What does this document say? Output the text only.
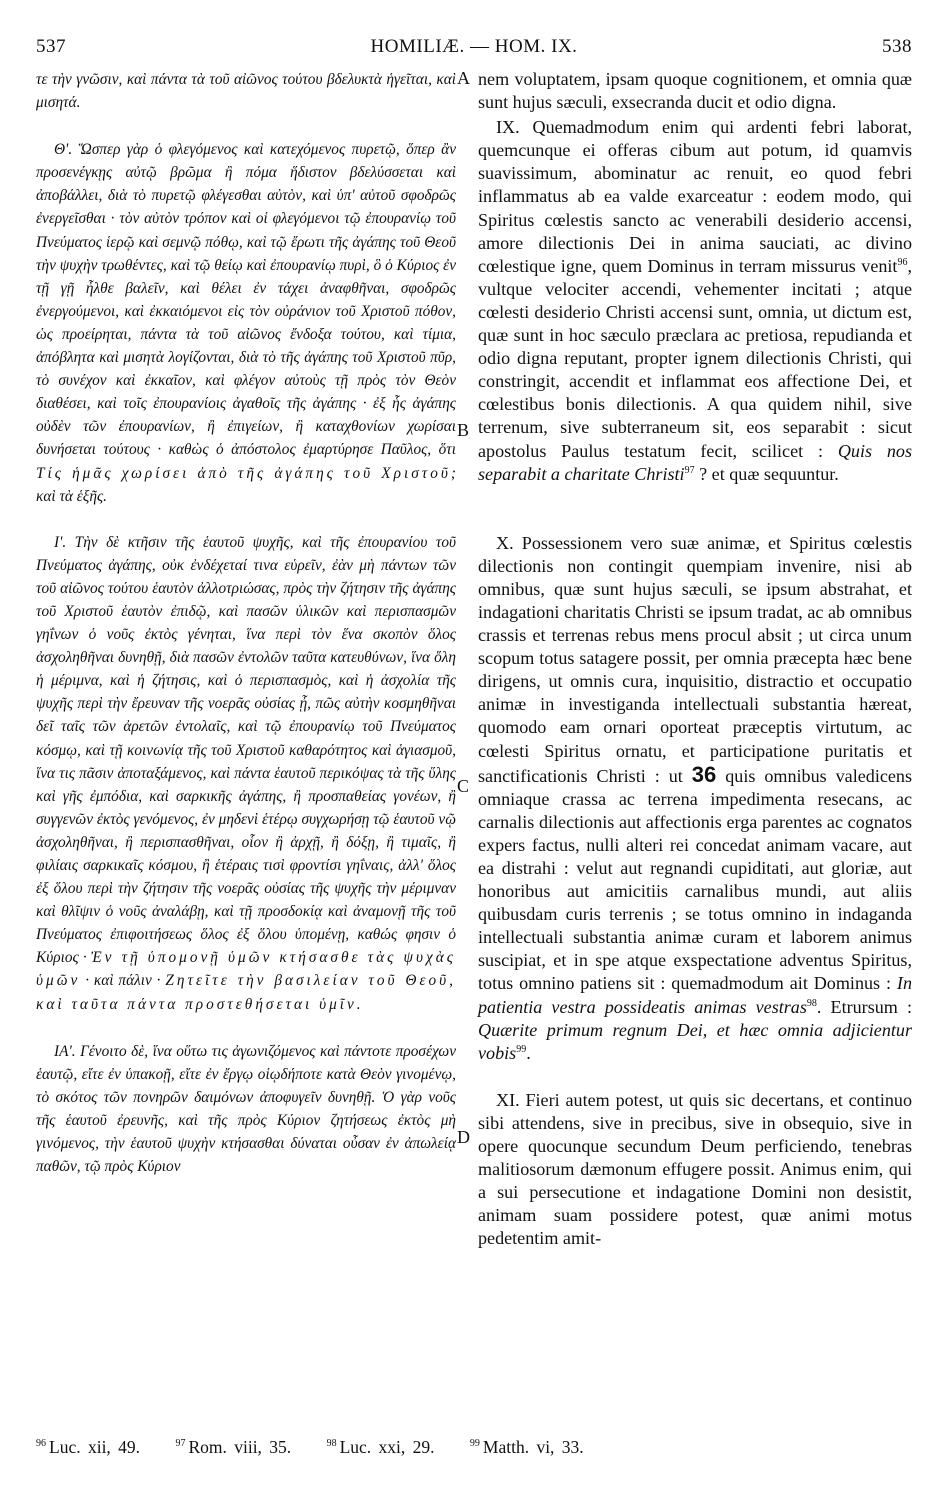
537	HOMILIÆ. — HOM. IX.	538

τε τὴν γνῶσιν, καὶ πάντα τὰ τοῦ αἰῶνος τούτου βδελυκτὰ ἡγεῖται, καὶ μισητά.

Θ'. Ὥσπερ γὰρ ὁ φλεγόμενος καὶ κατεχόμενος πυρετῷ, ὅπερ ἂν προσενέγκῃς αὐτῷ βρῶμα ἢ πόμα ἥδιστον βδελύσσεται καὶ ἀποβάλλει, διὰ τὸ πυρετῷ φλέγεσθαι αὐτὸν, καὶ ὑπ' αὐτοῦ σφοδρῶς ἐνεργεῖσθαι · τὸν αὐτὸν τρόπον καὶ οἱ φλεγόμενοι τῷ ἐπουρανίῳ τοῦ Πνεύματος ἱερῷ καὶ σεμνῷ πόθῳ, καὶ τῷ ἔρωτι τῆς ἀγάπης τοῦ Θεοῦ τὴν ψυχὴν τρωθέντες, καὶ τῷ θείῳ καὶ ἐπουρανίῳ πυρὶ, ὃ ὁ Κύριος ἐν τῇ γῇ ἦλθε βαλεῖν, καὶ θέλει ἐν τάχει ἀναφθῆναι, σφοδρῶς ἐνεργούμενοι, καὶ ἐκκαιόμενοι εἰς τὸν οὐράνιον τοῦ Χριστοῦ πόθον, ὡς προείρηται, πάντα τὰ τοῦ αἰῶνος ἔνδοξα τούτου, καὶ τίμια, ἀπόβλητα καὶ μισητὰ λογίζονται, διὰ τὸ τῆς ἀγάπης τοῦ Χριστοῦ πῦρ, τὸ συνέχον καὶ ἐκκαῖον, καὶ φλέγον αὐτοὺς τῇ πρὸς τὸν Θεὸν διαθέσει, καὶ τοῖς ἐπουρανίοις ἀγαθοῖς τῆς ἀγάπης · ἐξ ἧς ἀγάπης οὐδὲν τῶν ἐπουρανίων, ἢ ἐπιγείων, ἢ καταχθονίων χωρίσαι δυνήσεται τούτους · καθὼς ὁ ἀπόστολος ἐμαρτύρησε Παῦλος, ὅτι Τίς ἡμᾶς χωρίσει ἀπὸ τῆς ἀγάπης τοῦ Χριστοῦ; καὶ τὰ ἑξῆς.

Ι'. Τὴν δὲ κτῆσιν τῆς ἑαυτοῦ ψυχῆς, καὶ τῆς ἐπουρανίου τοῦ Πνεύματος ἀγάπης, οὐκ ἐνδέχεταί τινα εὑρεῖν, ἐὰν μὴ πάντων τῶν τοῦ αἰῶνος τούτου ἑαυτὸν ἀλλοτριώσας, πρὸς τὴν ζήτησιν τῆς ἀγάπης τοῦ Χριστοῦ ἑαυτὸν ἐπιδῷ, καὶ πασῶν ὑλικῶν καὶ περισπασμῶν γηΐνων ὁ νοῦς ἐκτὸς γένηται, ἵνα περὶ τὸν ἕνα σκοπὸν ὅλος ἀσχοληθῆναι δυνηθῇ, διὰ πασῶν ἐντολῶν ταῦτα κατευθύνων, ἵνα ὅλη ἡ μέριμνα, καὶ ἡ ζήτησις, καὶ ὁ περισπασμὸς, καὶ ἡ ἀσχολία τῆς ψυχῆς περὶ τὴν ἔρευναν τῆς νοερᾶς οὐσίας ᾖ, πῶς αὐτὴν κοσμηθῆναι δεῖ ταῖς τῶν ἀρετῶν ἐντολαῖς, καὶ τῷ ἐπουρανίῳ τοῦ Πνεύματος κόσμῳ, καὶ τῇ κοινωνίᾳ τῆς τοῦ Χριστοῦ καθαρότητος καὶ ἁγιασμοῦ, ἵνα τις πᾶσιν ἀποταξάμενος, καὶ πάντα ἑαυτοῦ περικόψας τὰ τῆς ὕλης καὶ γῆς ἐμπόδια, καὶ σαρκικῆς ἀγάπης, ἢ προσπαθείας γονέων, ἢ συγγενῶν ἐκτὸς γενόμενος, ἐν μηδενὶ ἑτέρῳ συγχωρήσῃ τῷ ἑαυτοῦ νῷ ἀσχοληθῆναι, ἢ περισπασθῆναι, οἷον ἢ ἀρχῇ, ἢ δόξῃ, ἢ τιμαῖς, ἢ φιλίαις σαρκικαῖς κόσμου, ἢ ἑτέραις τισὶ φροντίσι γηΐναις, ἀλλ' ὅλος ἐξ ὅλου περὶ τὴν ζήτησιν τῆς νοερᾶς οὐσίας τῆς ψυχῆς τὴν μέριμναν καὶ θλῖψιν ὁ νοῦς ἀναλάβῃ, καὶ τῇ προσδοκίᾳ καὶ ἀναμονῇ τῆς τοῦ Πνεύματος ἐπιφοιτήσεως ὅλος ἐξ ὅλου ὑπομένῃ, καθώς φησιν ὁ Κύριος · Ἐν τῇ ὑπομονῇ ὑμῶν κτήσασθε τὰς ψυχὰς ὑμῶν · καὶ πάλιν · Ζητεῖτε τὴν βασιλείαν τοῦ Θεοῦ, καὶ ταῦτα πάντα προστεθήσεται ὑμῖν.

ΙΑ'. Γένοιτο δὲ, ἵνα οὕτω τις ἀγωνιζόμενος καὶ πάντοτε προσέχων ἑαυτῷ, εἴτε ἐν ὑπακοῇ, εἴτε ἐν ἔργῳ οἱῳδήποτε κατὰ Θεὸν γινομένῳ, τὸ σκότος τῶν πονηρῶν δαιμόνων ἀποφυγεῖν δυνηθῇ. Ὁ γὰρ νοῦς τῆς ἑαυτοῦ ἐρευνῆς, καὶ τῆς πρὸς Κύριον ζητήσεως ἐκτὸς μὴ γινόμενος, τὴν ἑαυτοῦ ψυχὴν κτήσασθαι δύναται οὖσαν ἐν ἀπωλείᾳ παθῶν, τῷ πρὸς Κύριον

A
B
C
D

nem voluptatem, ipsam quoque cognitionem, et omnia quæ sunt hujus sæculi, exsecranda ducit et odio digna.

IX. Quemadmodum enim qui ardenti febri laborat, quemcunque ei offeras cibum aut potum, id quamvis suavissimum, abominatur ac renuit, eo quod febri inflammatus ab ea valde exarceatur : eodem modo, qui Spiritus cœlestis sancto ac venerabili desiderio accensi, amore dilectionis Dei in anima sauciati, ac divino cœlestique igne, quem Dominus in terram missurus venit$^{96}$, vultque velociter accendi, vehementer incitati ; atque cœlesti desiderio Christi accensi sunt, omnia, ut dictum est, quæ sunt in hoc sæculo præclara ac pretiosa, repudianda et odio digna reputant, propter ignem dilectionis Christi, qui constringit, accendit et inflammat eos affectione Dei, et cœlestibus bonis dilectionis. A qua quidem nihil, sive terrenum, sive subterraneum sit, eos separabit : sicut apostolus Paulus testatum fecit, scilicet : Quis nos separabit a charitate Christi$^{97}$ ? et quæ sequuntur.

X. Possessionem vero suæ animæ, et Spiritus cœlestis dilectionis non contingit quempiam invenire, nisi ab omnibus, quæ sunt hujus sæculi, se ipsum abstrahat, et indagationi charitatis Christi se ipsum tradat, ac ab omnibus crassis et terrenas rebus mens procul absit ; ut circa unum scopum totus satagere possit, per omnia præcepta hæc bene dirigens, ut omnis cura, inquisitio, distractio et occupatio animæ in investiganda intellectuali substantia hæreat, quomodo eam ornari oporteat præceptis virtutum, ac cœlesti Spiritus ornatu, et participatione puritatis et sanctificationis Christi : ut 36 quis omnibus valedicens omniaque crassa ac terrena impedimenta resecans, ac carnalis dilectionis aut affectionis erga parentes ac cognatos expers factus, nulli alteri rei concedat animam vacare, aut ea distrahi : velut aut regnandi cupiditati, aut gloriæ, aut honoribus aut amicitiis carnalibus mundi, aut aliis quibusdam curis terrenis ; se totus omnino in indaganda intellectuali substantia animæ curam et laborem animus suscipiat, et in spe atque exspectatione adventus Spiritus, totus omnino patiens sit : quemadmodum ait Dominus : In patientia vestra possideatis animas vestras$^{98}$. Etrursum : Quærite primum regnum Dei, et hæc omnia adjicientur vobis$^{99}$.

XI. Fieri autem potest, ut quis sic decertans, et continuo sibi attendens, sive in precibus, sive in obsequio, sive in opere quocunque secundum Deum perficiendo, tenebras malitiosorum dæmonum effugere possit. Animus enim, qui a sui persecutione et indagatione Domini non desistit, animam suam possidere potest, quæ animi motus pedetentim amit-

$^{96}$ Luc. xii, 49.	$^{97}$ Rom. viii, 35.	$^{98}$ Luc. xxi, 29.	$^{99}$ Matth. vi, 33.
